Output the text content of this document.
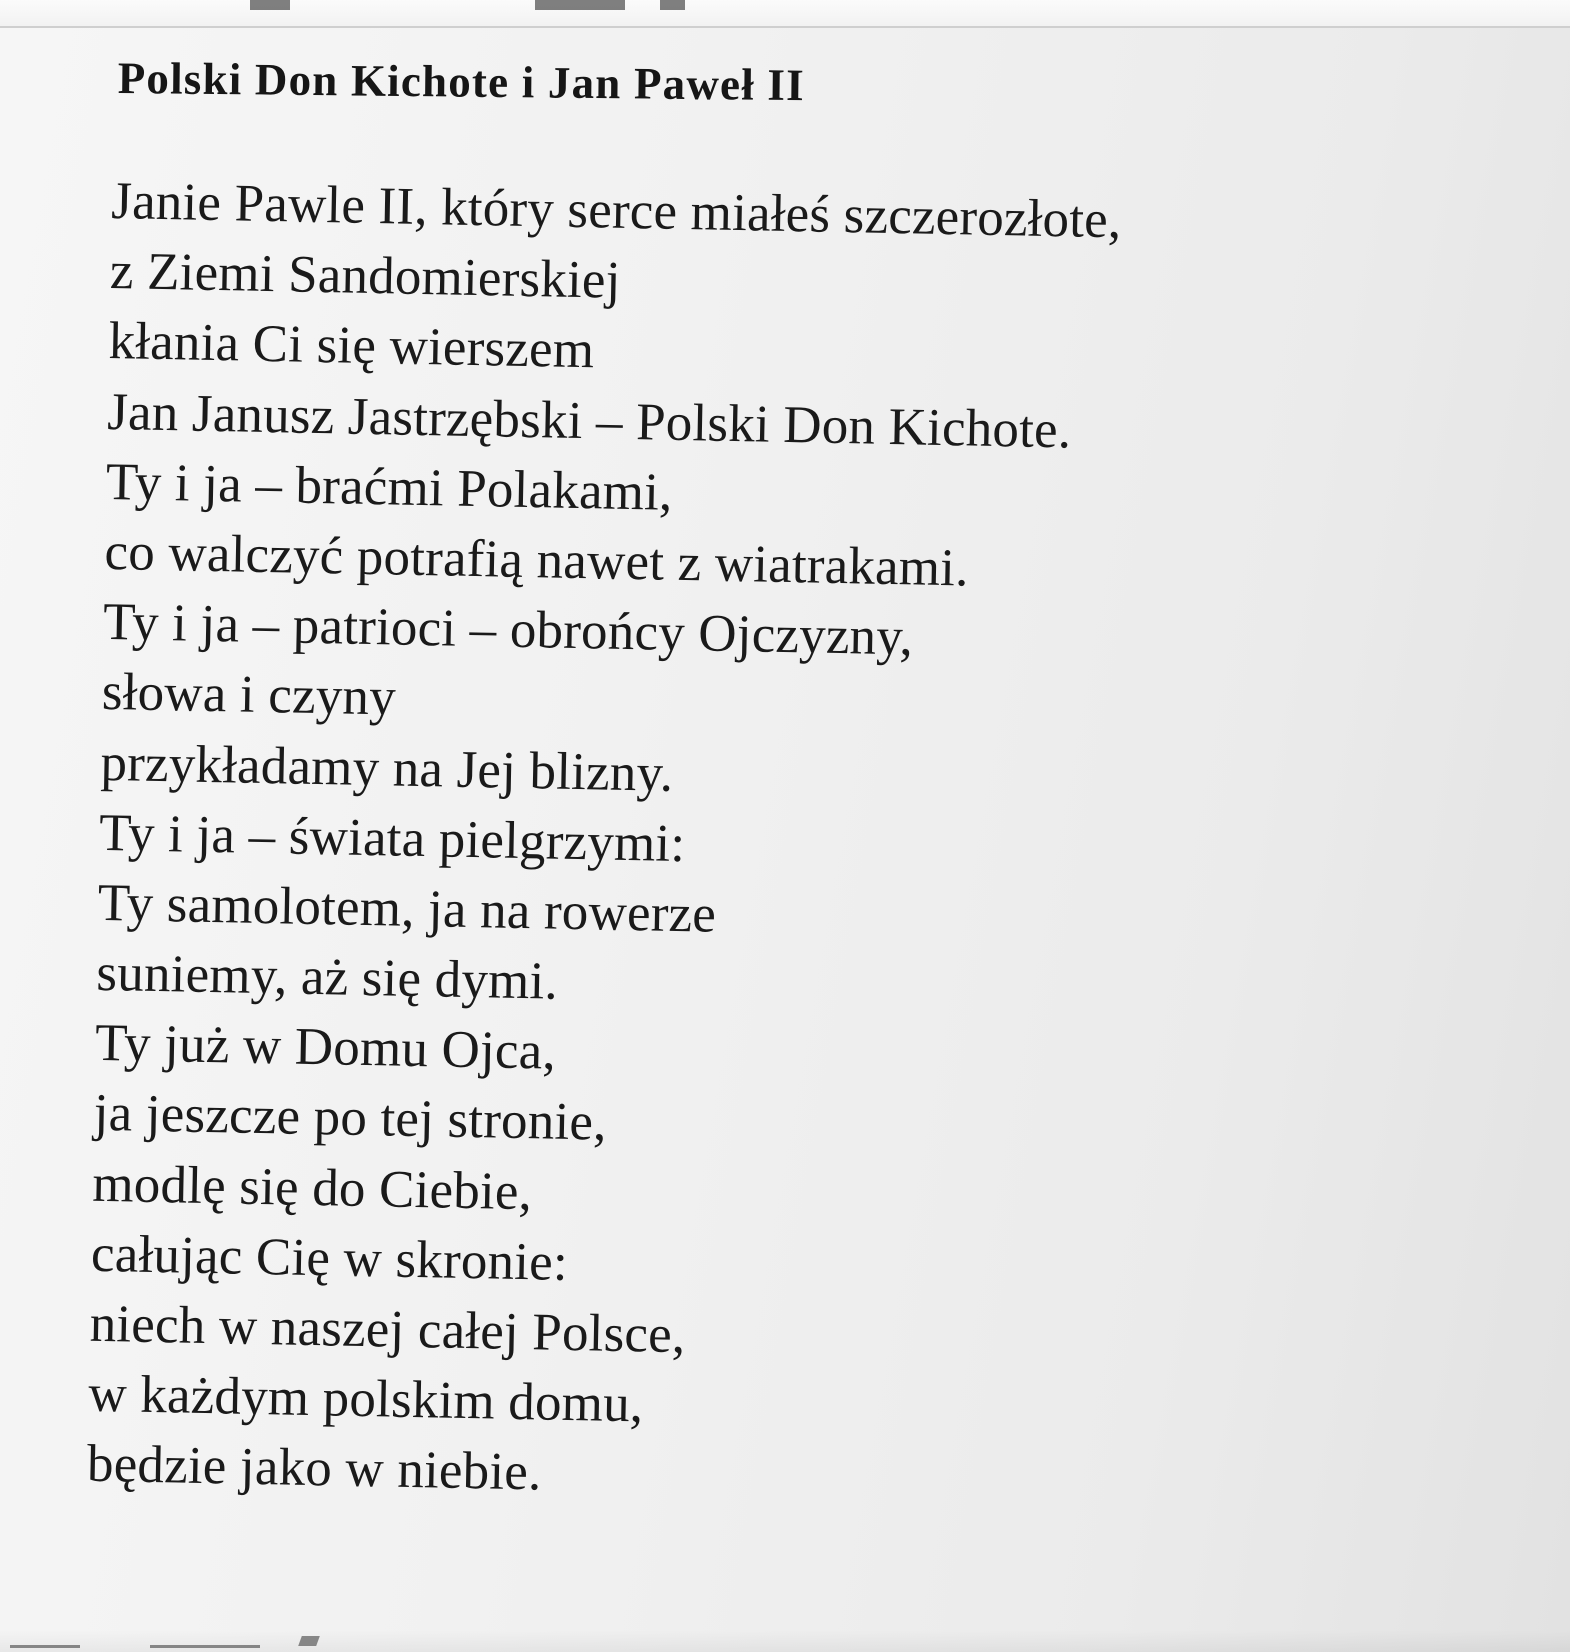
Polski Don Kichote i Jan Paweł II
Janie Pawle II, który serce miałeś szczerozłote,
z Ziemi Sandomierskiej
kłania Ci się wierszem
Jan Janusz Jastrzębski – Polski Don Kichote.
Ty i ja – braćmi Polakami,
co walczyć potrafią nawet z wiatrakami.
Ty i ja – patrioci – obrońcy Ojczyzny,
słowa i czyny
przykładamy na Jej blizny.
Ty i ja – świata pielgrzymi:
Ty samolotem, ja na rowerze
suniemy, aż się dymi.
Ty już w Domu Ojca,
ja jeszcze po tej stronie,
modlę się do Ciebie,
całując Cię w skronie:
niech w naszej całej Polsce,
w każdym polskim domu,
będzie jako w niebie.
